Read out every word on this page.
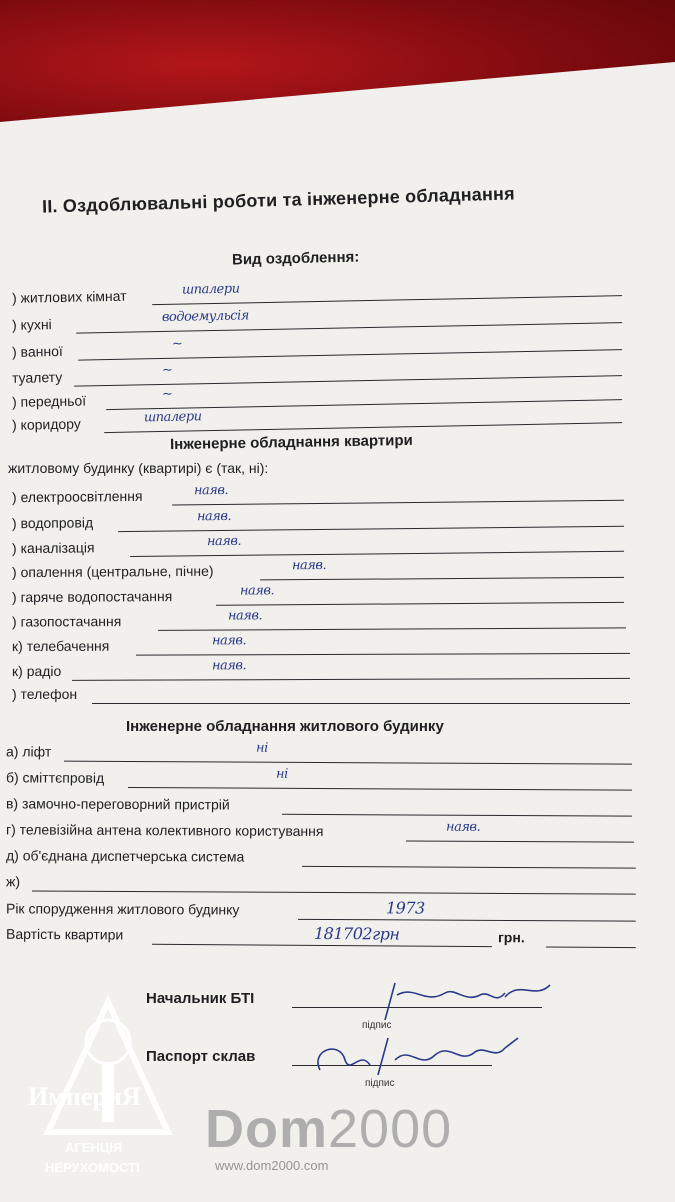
ІІ. Оздоблювальні роботи та інженерне обладнання
Вид оздоблення:
) житлових кімнат	шпалери
) кухні	водоемульсія
) ванної	~
туалету	~
) передньої	~
) коридору	шпалери
Інженерне обладнання квартири
житловому будинку (квартирі) є (так, ні):
) електроосвітлення	наяв.
) водопровід	наяв.
) каналізація	наяв.
) опалення (центральне, пічне)	наяв.
) гаряче водопостачання	наяв.
) газопостачання	наяв.
к) телебачення	наяв.
к) радіо	наяв.
) телефон
Інженерне обладнання житлового будинку
а) ліфт	ні
б) сміттєпровід	ні
в) замочно-переговорний пристрій
г) телевізійна антена колективного користування	наяв.
д) об'єднана диспетчерська система
ж)
Рік спорудження житлового будинку	1973
Вартість квартири	181702грн	грн.
Начальник БТІ
підпис
Паспорт склав
підпис
ИмпериЯ
АГЕНЦІЯ
НЕРУХОМОСТІ
Dom2000
www.dom2000.com
